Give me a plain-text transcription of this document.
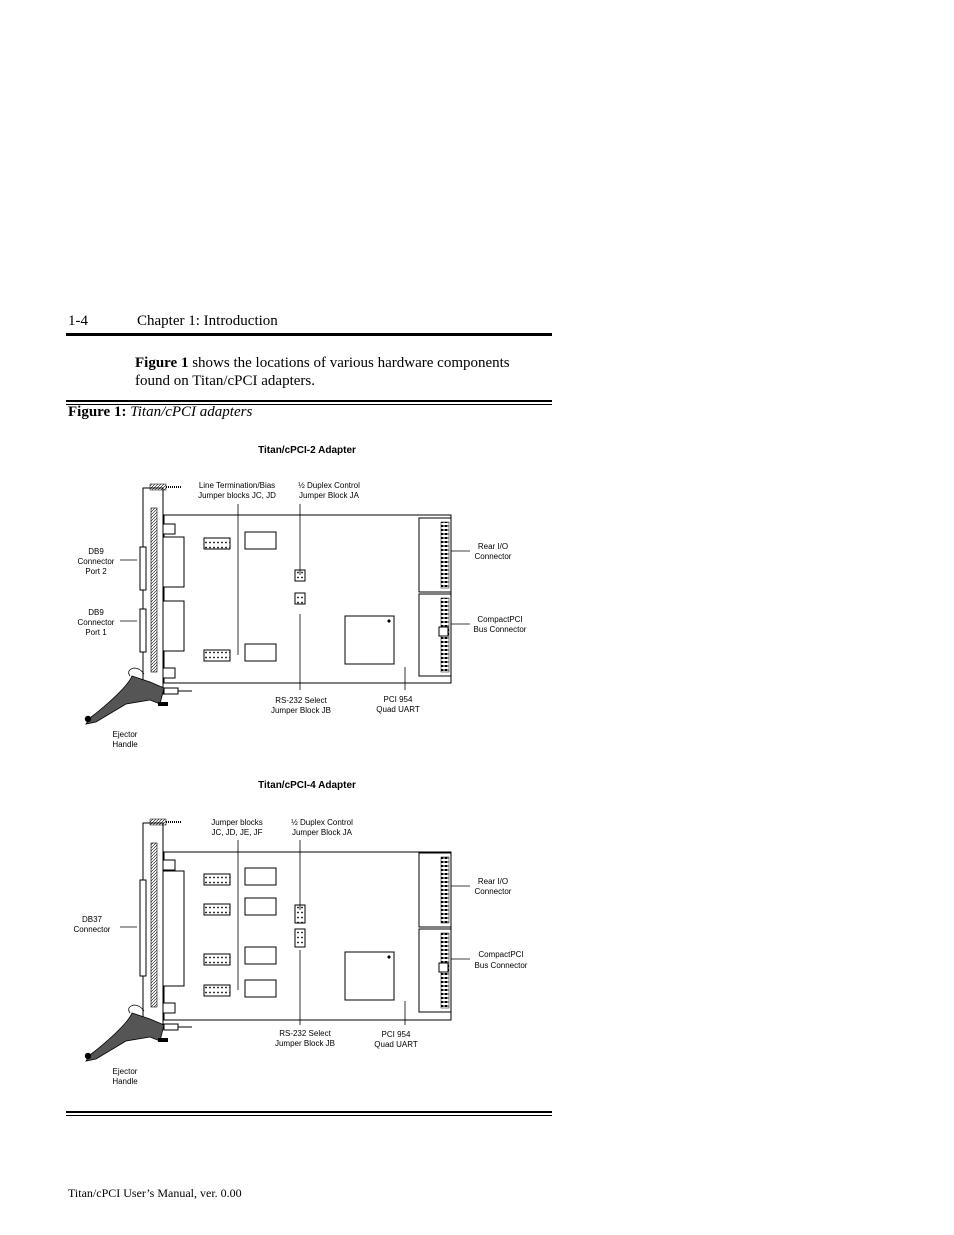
1-4	Chapter 1: Introduction
Figure 1 shows the locations of various hardware components found on Titan/cPCI adapters.
Figure 1: Titan/cPCI adapters
Titan/cPCI-2 Adapter
Line Termination/Bias
Jumper blocks JC, JD
½ Duplex Control
Jumper Block JA
Rear I/O
Connector
DB9
Connector
Port 2
DB9
Connector
Port 1
CompactPCI
Bus Connector
RS-232 Select
Jumper Block JB
PCI 954
Quad UART
Ejector
Handle
Titan/cPCI-4 Adapter
Jumper blocks
JC, JD, JE, JF
½ Duplex Control
Jumper Block JA
Rear I/O
Connector
DB37
Connector
CompactPCI
Bus Connector
RS-232 Select
Jumper Block JB
PCI 954
Quad UART
Ejector
Handle
Titan/cPCI User’s Manual, ver. 0.00
